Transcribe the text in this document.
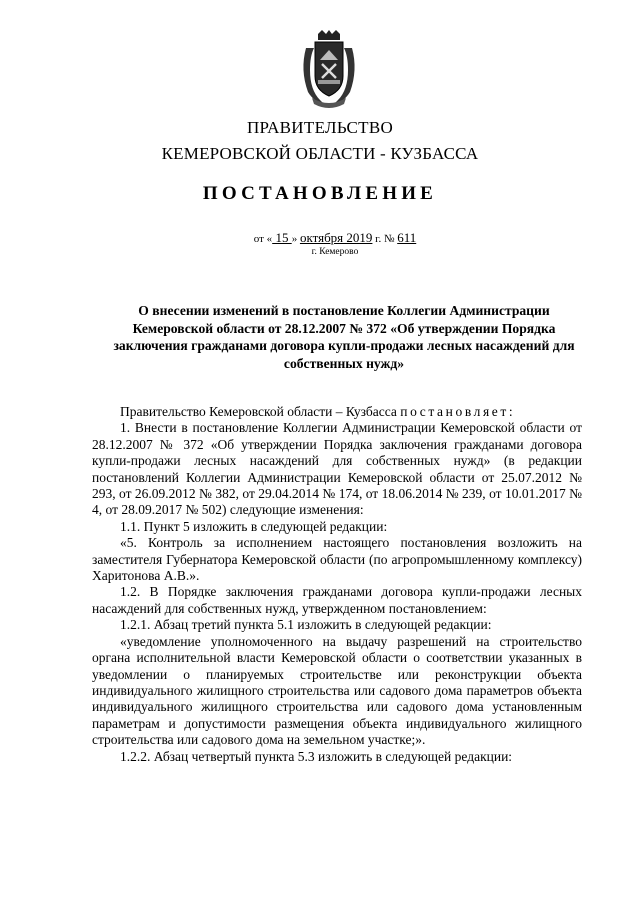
ПРАВИТЕЛЬСТВО
КЕМЕРОВСКОЙ ОБЛАСТИ - КУЗБАССА
ПОСТАНОВЛЕНИЕ
от « 15 » октября 2019 г. № 611
г. Кемерово
О внесении изменений в постановление Коллегии Администрации Кемеровской области от 28.12.2007 № 372 «Об утверждении Порядка заключения гражданами договора купли-продажи лесных насаждений для собственных нужд»

Правительство Кемеровской области – Кузбасса постановляет:

1. Внести в постановление Коллегии Администрации Кемеровской области от 28.12.2007 № 372 «Об утверждении Порядка заключения гражданами договора купли-продажи лесных насаждений для собственных нужд» (в редакции постановлений Коллегии Администрации Кемеровской области от 25.07.2012 № 293, от 26.09.2012 № 382, от 29.04.2014 № 174, от 18.06.2014 № 239, от 10.01.2017 № 4, от 28.09.2017 № 502) следующие изменения:

1.1. Пункт 5 изложить в следующей редакции:

«5. Контроль за исполнением настоящего постановления возложить на заместителя Губернатора Кемеровской области (по агропромышленному комплексу) Харитонова А.В.».

1.2. В Порядке заключения гражданами договора купли-продажи лесных насаждений для собственных нужд, утвержденном постановлением:

1.2.1. Абзац третий пункта 5.1 изложить в следующей редакции:

«уведомление уполномоченного на выдачу разрешений на строительство органа исполнительной власти Кемеровской области о соответствии указанных в уведомлении о планируемых строительстве или реконструкции объекта индивидуального жилищного строительства или садового дома параметров объекта индивидуального жилищного строительства или садового дома установленным параметрам и допустимости размещения объекта индивидуального жилищного строительства или садового дома на земельном участке;».

1.2.2. Абзац четвертый пункта 5.3 изложить в следующей редакции:
